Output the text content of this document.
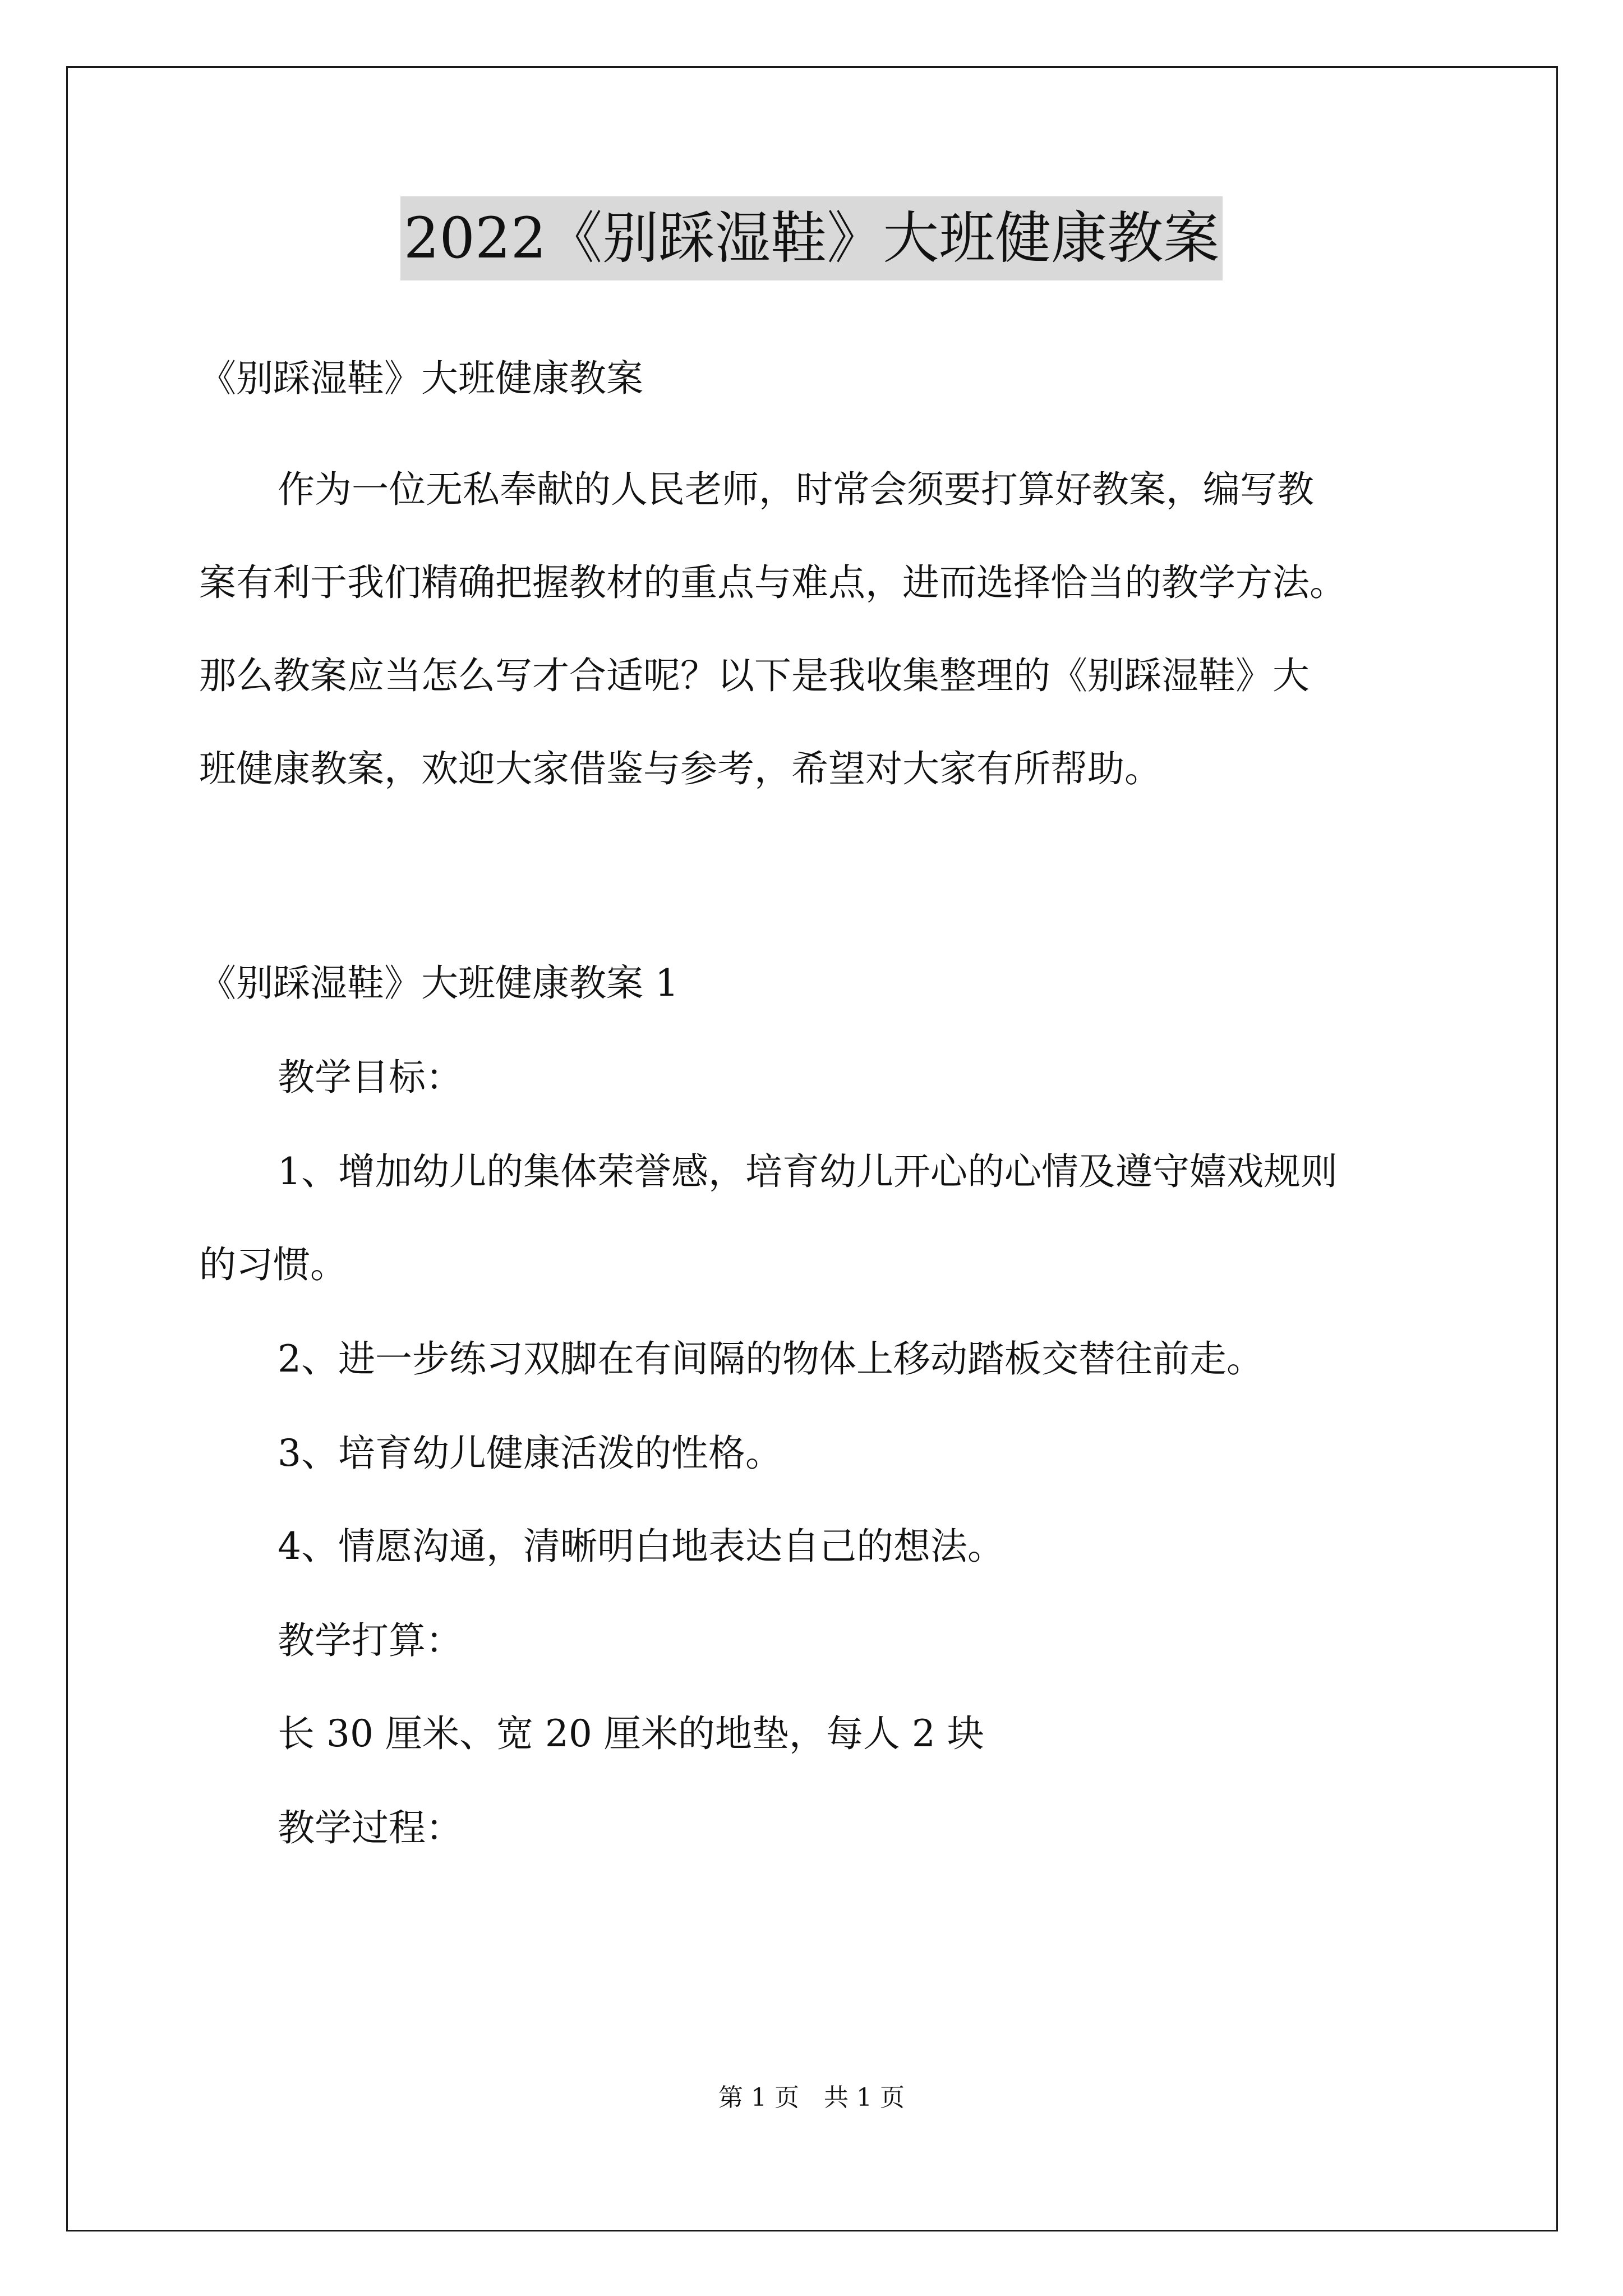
2022《别踩湿鞋》大班健康教案
《别踩湿鞋》大班健康教案
作为一位无私奉献的人民老师，时常会须要打算好教案，编写教
案有利于我们精确把握教材的重点与难点，进而选择恰当的教学方法。
那么教案应当怎么写才合适呢？以下是我收集整理的《别踩湿鞋》大
班健康教案，欢迎大家借鉴与参考，希望对大家有所帮助。
《别踩湿鞋》大班健康教案 1
教学目标：
1、增加幼儿的集体荣誉感，培育幼儿开心的心情及遵守嬉戏规则
的习惯。
2、进一步练习双脚在有间隔的物体上移动踏板交替往前走。
3、培育幼儿健康活泼的性格。
4、情愿沟通，清晰明白地表达自己的想法。
教学打算：
长 30 厘米、宽 20 厘米的地垫，每人 2 块
教学过程：
第 1 页　共 1 页
